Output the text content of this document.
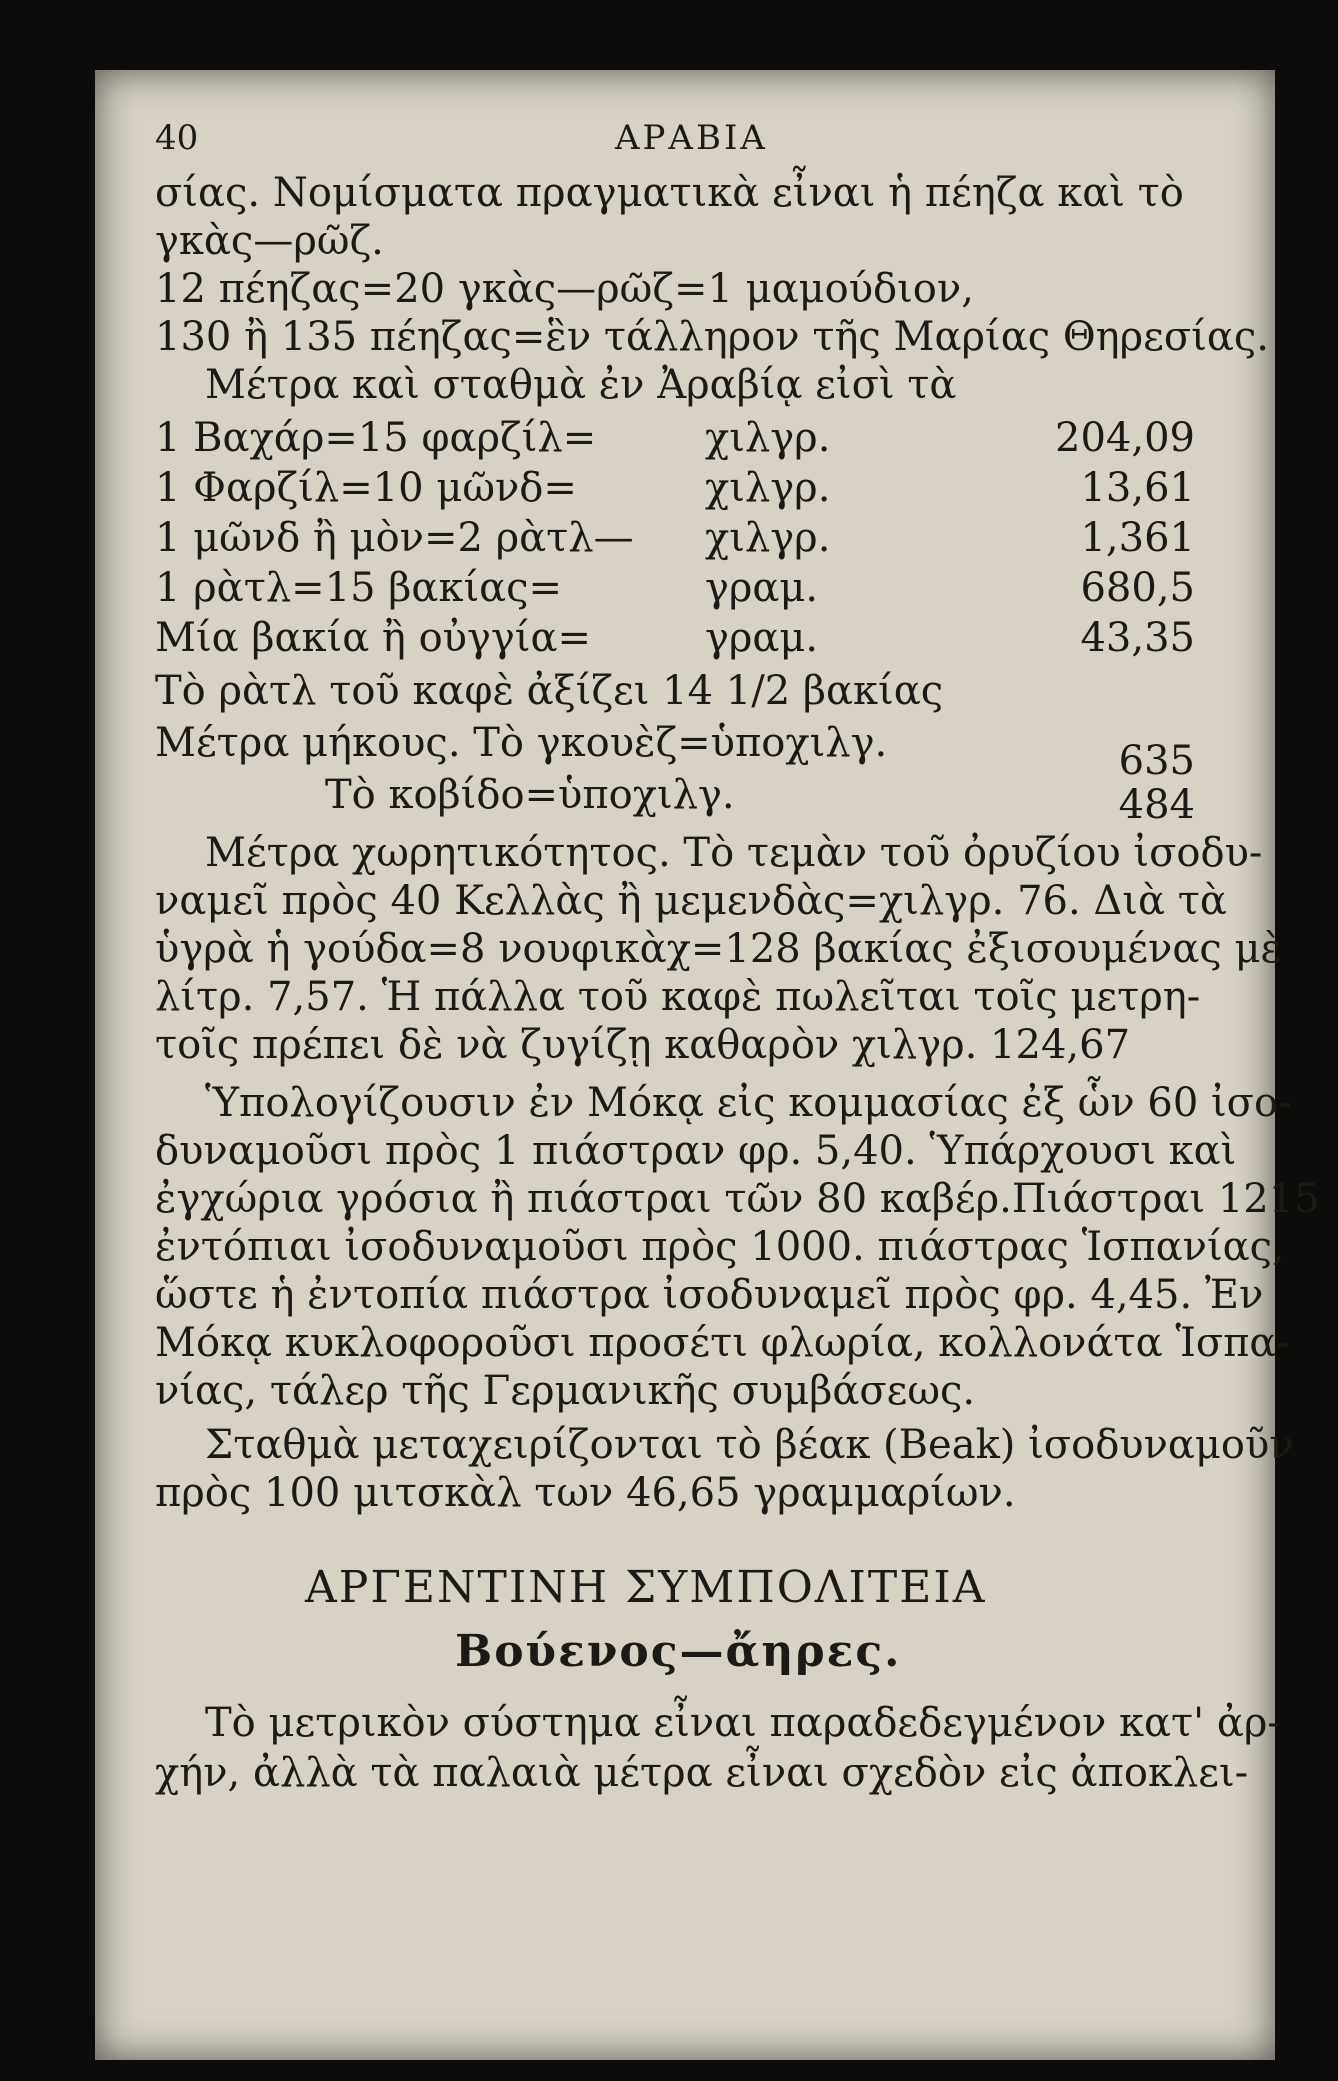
40	ΑΡΑΒΙΑ
σίας. Νομίσματα πραγματικὰ εἶναι ἡ πέηζα καὶ τὸ
γκὰς—ρῶζ.
12 πέηζας=20 γκὰς—ρῶζ=1 μαμούδιον,
130 ἢ 135 πέηζας=ἓν τάλληρον τῆς Μαρίας Θηρεσίας.
Μέτρα καὶ σταθμὰ ἐν Ἀραβίᾳ εἰσὶ τὰ
1 Βαχάρ=15 φαρζίλ=	χιλγρ.	204,09
1 Φαρζίλ=10 μῶνδ=	χιλγρ.	13,61
1 μῶνδ ἢ μὸν=2 ρὰτλ— χιλγρ.	1,361
1 ρὰτλ=15 βακίας=	γραμ.	680,5
Μία βακία ἢ οὐγγία=	γραμ.	43,35
Τὸ ρὰτλ τοῦ καφὲ ἀξίζει 14 1/2 βακίας
Μέτρα μήκους. Τὸ γκουὲζ=ὑποχιλγ.	635
Τὸ κοβίδο=ὑποχιλγ.	484
Μέτρα χωρητικότητος. Τὸ τεμὰν τοῦ ὀρυζίου ἰσοδυ-
ναμεῖ πρὸς 40 Κελλὰς ἢ μεμενδὰς=χιλγρ. 76. Διὰ τὰ
ὑγρὰ ἡ γούδα=8 νουφικὰχ=128 βακίας ἐξισουμένας μὲ
λίτρ. 7,57. Ἡ πάλλα τοῦ καφὲ πωλεῖται τοῖς μετρη-
τοῖς πρέπει δὲ νὰ ζυγίζῃ καθαρὸν χιλγρ. 124,67
Ὑπολογίζουσιν ἐν Μόκᾳ εἰς κομμασίας ἐξ ὧν 60 ἰσο-
δυναμοῦσι πρὸς 1 πιάστραν φρ. 5,40. Ὑπάρχουσι καὶ
ἐγχώρια γρόσια ἢ πιάστραι τῶν 80 καβέρ.Πιάστραι 1215
ἐντόπιαι ἰσοδυναμοῦσι πρὸς 1000. πιάστρας Ἱσπανίας,
ὥστε ἡ ἐντοπία πιάστρα ἰσοδυναμεῖ πρὸς φρ. 4,45. Ἐν
Μόκᾳ κυκλοφοροῦσι προσέτι φλωρία, κολλονάτα Ἱσπα-
νίας, τάλερ τῆς Γερμανικῆς συμβάσεως.
Σταθμὰ μεταχειρίζονται τὸ βέακ (Beak) ἰσοδυναμοῦν
πρὸς 100 μιτσκὰλ των 46,65 γραμμαρίων.
ΑΡΓΕΝΤΙΝΗ ΣΥΜΠΟΛΙΤΕΙΑ
Βούενος—ἄηρες.
Τὸ μετρικὸν σύστημα εἶναι παραδεδεγμένον κατ' ἀρ-
χήν, ἀλλὰ τὰ παλαιὰ μέτρα εἶναι σχεδὸν εἰς ἀποκλει-
